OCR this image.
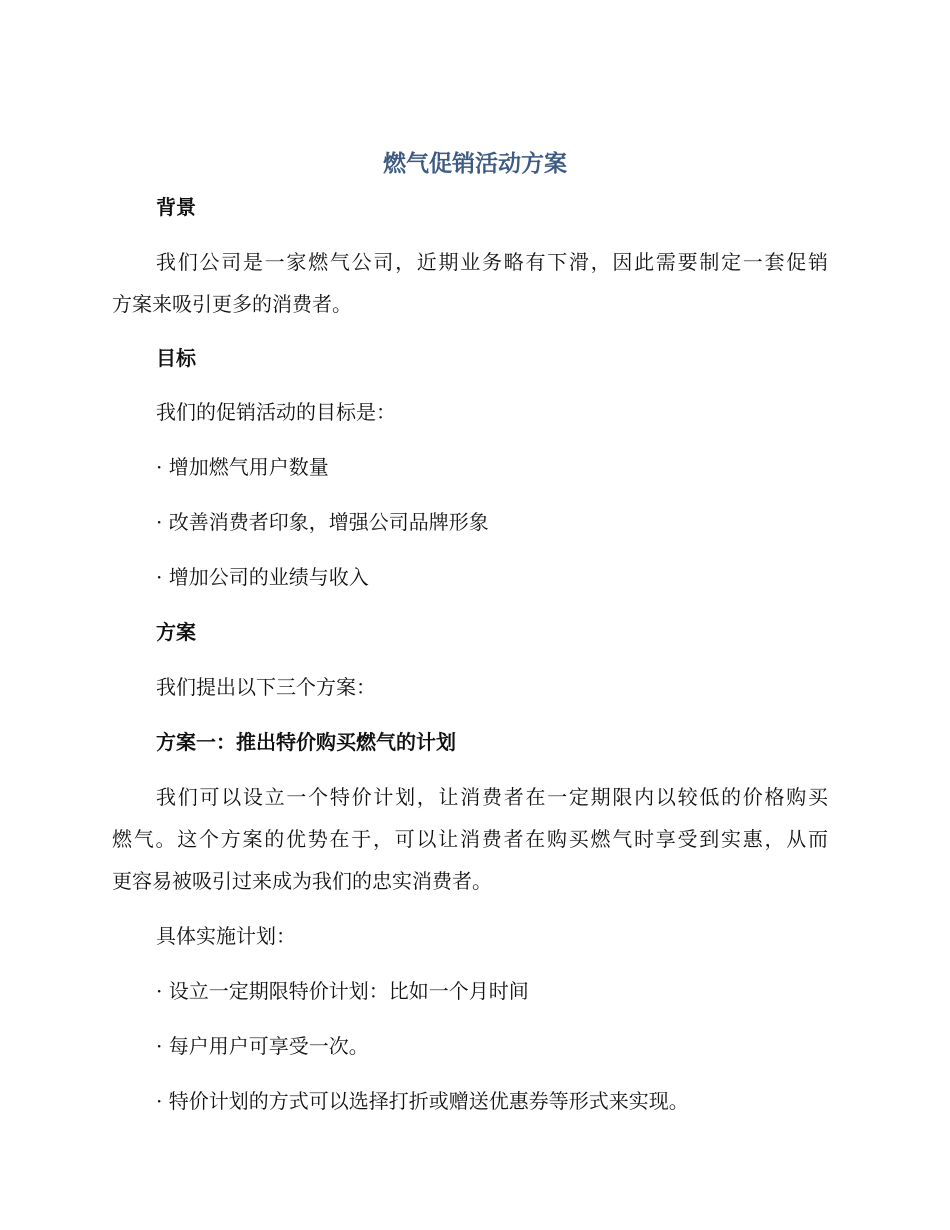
燃气促销活动方案
背景
我们公司是一家燃气公司，近期业务略有下滑，因此需要制定一套促销
方案来吸引更多的消费者。
目标
我们的促销活动的目标是：
· 增加燃气用户数量
· 改善消费者印象，增强公司品牌形象
· 增加公司的业绩与收入
方案
我们提出以下三个方案：
方案一：推出特价购买燃气的计划
我们可以设立一个特价计划，让消费者在一定期限内以较低的价格购买
燃气。这个方案的优势在于，可以让消费者在购买燃气时享受到实惠，从而
更容易被吸引过来成为我们的忠实消费者。
具体实施计划：
· 设立一定期限特价计划：比如一个月时间
· 每户用户可享受一次。
· 特价计划的方式可以选择打折或赠送优惠券等形式来实现。
